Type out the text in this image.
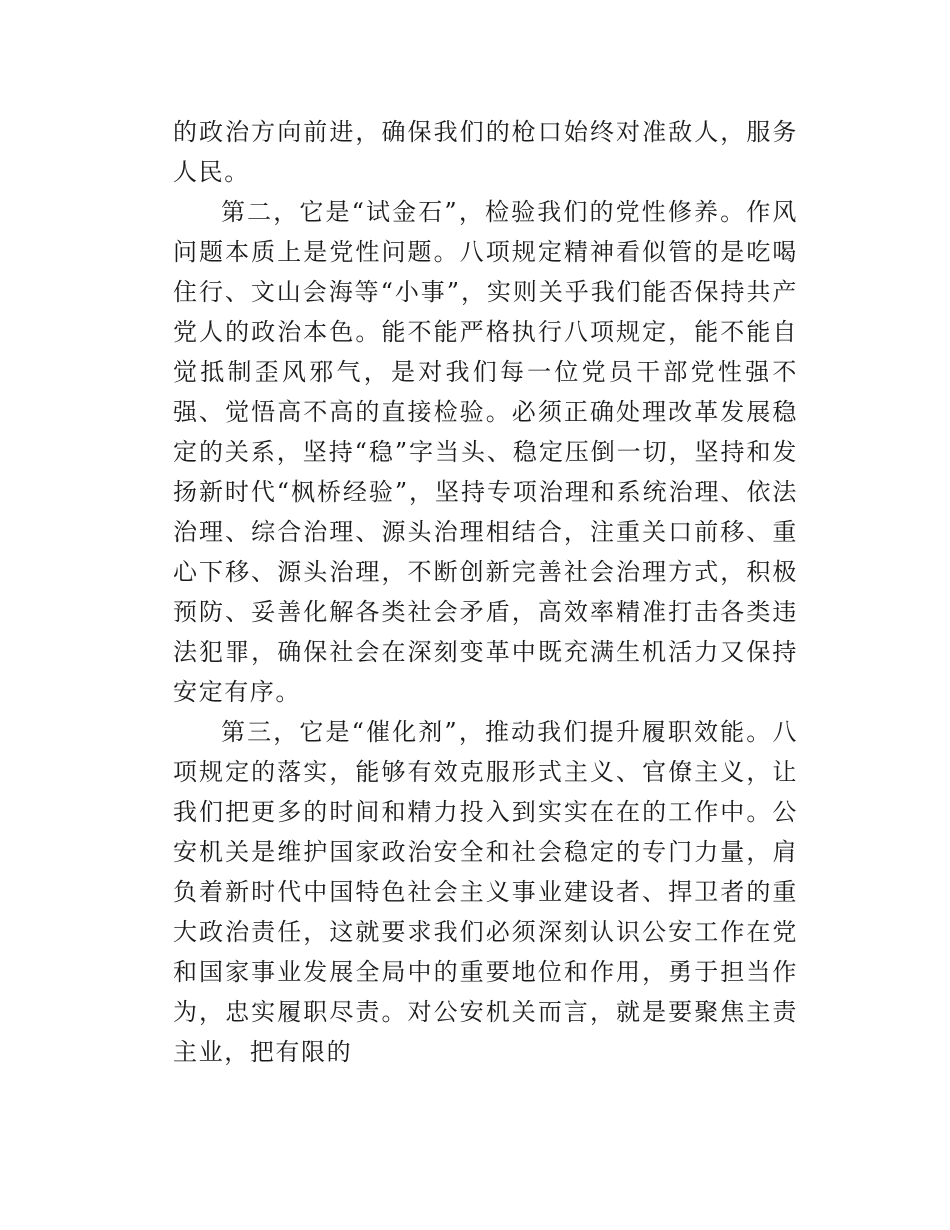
的政治方向前进，确保我们的枪口始终对准敌人，服务人民。

第二，它是“试金石”，检验我们的党性修养。作风问题本质上是党性问题。八项规定精神看似管的是吃喝住行、文山会海等“小事”，实则关乎我们能否保持共产党人的政治本色。能不能严格执行八项规定，能不能自觉抵制歪风邪气，是对我们每一位党员干部党性强不强、觉悟高不高的直接检验。必须正确处理改革发展稳定的关系，坚持“稳”字当头、稳定压倒一切，坚持和发扬新时代“枫桥经验”，坚持专项治理和系统治理、依法治理、综合治理、源头治理相结合，注重关口前移、重心下移、源头治理，不断创新完善社会治理方式，积极预防、妥善化解各类社会矛盾，高效率精准打击各类违法犯罪，确保社会在深刻变革中既充满生机活力又保持安定有序。

第三，它是“催化剂”，推动我们提升履职效能。八项规定的落实，能够有效克服形式主义、官僚主义，让我们把更多的时间和精力投入到实实在在的工作中。公安机关是维护国家政治安全和社会稳定的专门力量，肩负着新时代中国特色社会主义事业建设者、捍卫者的重大政治责任，这就要求我们必须深刻认识公安工作在党和国家事业发展全局中的重要地位和作用，勇于担当作为，忠实履职尽责。对公安机关而言，就是要聚焦主责主业，把有限的
